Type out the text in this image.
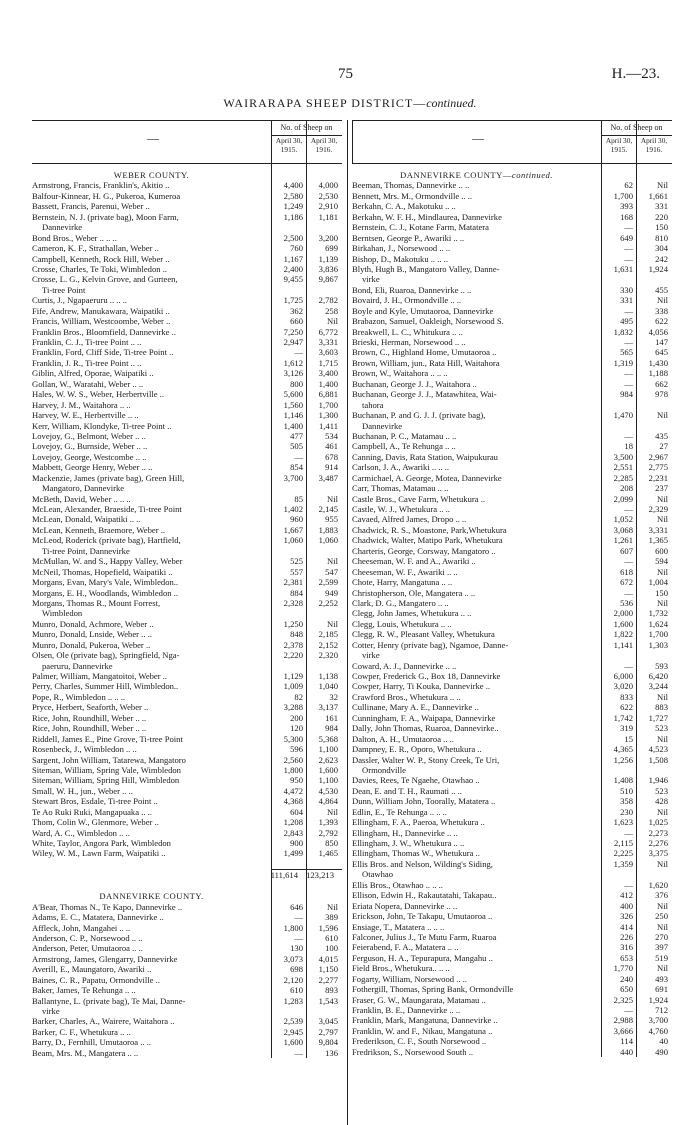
75	H.—23.
WAIRARAPA SHEEP DISTRICT—continued.
—
No. of Sheep on
April 30, 1915.
April 30, 1916.
WEBER COUNTY.
Armstrong, Francis, Franklin's, Akitio ..	4,400	4,000
Balfour-Kinnear, H. G., Pukeroa, Kumeroa	2,580	2,530
Bassett, Francis, Parenui, Weber ..	1,249	2,910
Bernstein, N. J. (private bag), Moon Farm,	1,186	1,181
Dannevirke
Bond Bros., Weber .. .. ..	2,500	3,200
Cameron, K. F., Strathallan, Weber ..	760	699
Campbell, Kenneth, Rock Hill, Weber ..	1,167	1,139
Crosse, Charles, Te Toki, Wimbledon ..	2,400	3,836
Crosse, L. G., Kelvin Grove, and Gurteen,	9,455	9,867
Ti-tree Point
Curtis, J., Ngapaeruru .. .. ..	1,725	2,782
Fife, Andrew, Manukawara, Waipatiki ..	362	258
Francis, William, Westcoombe, Weber ..	660	Nil
Franklin Bros., Bloomfield, Dannevirke ..	7,250	6,772
Franklin, C. J., Ti-tree Point .. ..	2,947	3,331
Franklin, Ford, Cliff Side, Ti-tree Point ..	—	3,603
Franklin, J. R., Ti-tree Point .. ..	1,612	1,715
Giblin, Alfred, Oporae, Waipatiki ..	3,126	3,400
Gollan, W., Waratahi, Weber .. ..	800	1,400
Hales, W. W. S., Weber, Herbertville ..	5,600	6,881
Harvey, J. M., Waitahora .. ..	1,560	1,700
Harvey, W. E., Herbertville .. ..	1,146	1,300
Kerr, William, Klondyke, Ti-tree Point ..	1,400	1,411
Lovejoy, G., Belmont, Weber .. ..	477	534
Lovejoy, G., Burnside, Weber .. ..	505	461
Lovejoy, George, Westcombe .. ..	—	678
Mabbett, George Henry, Weber .. ..	854	914
Mackenzie, James (private bag), Green Hill,	3,700	3,487
Mangatoro, Dannevirke
McBeth, David, Weber .. .. ..	85	Nil
McLean, Alexander, Braeside, Ti-tree Point	1,402	2,145
McLean, Donald, Waipatiki .. ..	960	955
McLean, Kenneth, Braemore, Weber ..	1,667	1,883
McLeod, Roderick (private bag), Hartfield,	1,060	1,060
Ti-tree Point, Dannevirke
McMullan, W. and S., Happy Valley, Weber	525	Nil
McNeil, Thomas, Hopefield, Waipatiki ..	557	547
Morgans, Evan, Mary's Vale, Wimbledon..	2,381	2,599
Morgans, E. H., Woodlands, Wimbledon ..	884	949
Morgans, Thomas R., Mount Forrest,	2,328	2,252
Wimbledon
Munro, Donald, Achmore, Weber ..	1,250	Nil
Munro, Donald, Lnside, Weber .. ..	848	2,185
Munro, Donald, Pukeroa, Weber ..	2,378	2,152
Olsen, Ole (private bag), Springfield, Nga-	2,220	2,320
paeruru, Dannevirke
Palmer, William, Mangatoitoi, Weber ..	1,129	1,138
Perry, Charles, Summer Hill, Wimbledon..	1,009	1,040
Pope, R., Wimbledon .. .. ..	82	32
Pryce, Herbert, Seaforth, Weber ..	3,288	3,137
Rice, John, Roundhill, Weber .. ..	200	161
Rice, John, Roundhill, Weber .. ..	120	984
Riddell, James E., Pine Grove, Ti-tree Point	5,300	5,368
Rosenbeck, J., Wimbledon .. ..	596	1,100
Sargent, John William, Tatarewa, Mangatoro	2,560	2,623
Siteman, William, Spring Vale, Wimbledon	1,800	1,600
Siteman, William, Spring Hill, Wimbledon	950	1,100
Small, W. H., jun., Weber .. ..	4,472	4,530
Stewart Bros, Esdale, Ti-tree Point ..	4,368	4,864
Te Ao Ruki Ruki, Mangapuaka .. ..	604	Nil
Thom, Colin W., Glenmore, Weber ..	1,208	1,393
Ward, A. C., Wimbledon .. ..	2,843	2,792
White, Taylor, Angora Park, Wimbledon	900	850
Wiley, W. M., Lawn Farm, Waipatiki ..	1,499	1,465
111,614 123,213
DANNEVIRKE COUNTY.
A'Bear, Thomas N., Te Kapo, Dannevirke ..	646	Nil
Adams, E. C., Matatera, Dannevirke ..	—	389
Affleck, John, Mangahei .. ..	1,800	1,596
Anderson, C. P., Norsewood .. ..	—	610
Anderson, Peter, Umutaoroa .. ..	130	100
Armstrong, James, Glengarry, Dannevirke	3,073	4,015
Averill, E., Maungatoro, Awariki ..	698	1,150
Baines, C. R., Papatu, Ormondville ..	2,120	2,277
Baker, James, Te Rehunga .. ..	610	893
Ballantyne, L. (private bag), Te Mai, Danne-	1,283	1,543
virke
Barker, Charles, A., Wairere, Waitahora ..	2,539	3,045
Barker, C. F., Whetukura .. ..	2,945	2,797
Barry, D., Fernhill, Umutaoroa .. ..	1,600	9,804
Beam, Mrs. M., Mangatera .. ..	—	136
—
No. of Sheep on
April 30, 1915.
April 30, 1916.
DANNEVIRKE COUNTY—continued.
Beeman, Thomas, Dannevirke .. ..	62	Nil
Bennett, Mrs. M., Ormondville .. ..	1,700	1,661
Berkahn, C. A., Makotuku .. ..	393	331
Berkahn, W. F. H., Mindlaurea, Dannevirke	168	220
Bernstein, C. J., Kotane Farm, Matatera	—	150
Berntsen, George P., Awariki .. ..	649	810
Birkahan, J., Norsewood .. ..	—	304
Bishop, D., Makotuku .. .. ..	—	242
Blyth, Hugh B., Mangatoro Valley, Danne-	1,631	1,924
virke
Bond, Eli, Ruaroa, Dannevirke .. ..	330	455
Bovaird, J. H., Ormondville .. ..	331	Nil
Boyle and Kyle, Umutaoroa, Dannevirke	—	338
Brabazon, Samuel, Oakleigh, Norsewood S.	495	622
Breakwell, L. C., Whitukura .. ..	1,832	4,056
Brieski, Herman, Norsewood .. ..	—	147
Brown, C., Highland Home, Umutaoroa ..	565	645
Brown, William, jun., Rata Hill, Waitahora	1,319	1,430
Brown, W., Waitahora .. .. ..	—	1,188
Buchanan, George J. J., Waitahora ..	—	662
Buchanan, George J. J., Matawhitea, Wai-	984	978
tahora
Buchanan, P. and G. J. J. (private bag),	1,470	Nil
Dannevirke
Buchanan, P. C., Matamau .. ..	—	435
Campbell, A., Te Rehunga .. ..	18	27
Canning, Davis, Rata Station, Waipukurau	3,500	2,967
Carlson, J. A., Awariki .. .. ..	2,551	2,775
Carmichael, A. George, Motea, Dannevirke	2,285	2,231
Carr, Thomas, Matamau .. ..	208	237
Castle Bros., Cave Farm, Whetukura ..	2,099	Nil
Castle, W. J., Whetukura .. ..	—	2,329
Cavaed, Alfred James, Dropo .. ..	1,052	Nil
Chadwick, R. S., Moastone, Park,Whetukura	3,068	3,331
Chadwick, Walter, Matipo Park, Whetukura	1,261	1,365
Charteris, George, Corsway, Mangatoro ..	607	600
Cheeseman, W. F. and A., Awariki ..	—	594
Cheeseman, W. F., Awariki .. ..	618	Nil
Chote, Harry, Mangatuna .. ..	672	1,004
Christopherson, Ole, Mangatera .. ..	—	150
Clark, D. G., Mangatero .. ..	536	Nil
Clegg, John James, Whetukura .. ..	2,000	1,732
Clegg, Louis, Whetukura .. ..	1,600	1,624
Clegg, R. W., Pleasant Valley, Whetukura	1,822	1,700
Cotter, Henry (private bag), Ngamoe, Danne-	1,141	1,303
virke
Coward, A. J., Dannevirke .. ..	—	593
Cowper, Frederick G., Box 18, Dannevirke	6,000	6,420
Cowper, Harry, Ti Kouka, Dannevirke ..	3,020	3,244
Crawford Bros., Whetukura .. ..	833	Nil
Cullinane, Mary A. E., Dannevirke ..	622	883
Cunningham, F. A., Waipapa, Dannevirke	1,742	1,727
Dally, John Thomas, Ruaroa, Dannevirke..	319	523
Dalton, A. H., Umutaoroa .. ..	15	Nil
Dampney, E. R., Oporo, Whetukura ..	4,365	4,523
Dassler, Walter W. P., Stony Creek, Te Uri,	1,256	1,508
Ormondville
Davies, Rees, Te Ngaehe, Otawhao ..	1,408	1,946
Dean, E. and T. H., Raumati .. ..	510	523
Dunn, William John, Toorally, Matatera ..	358	428
Edlin, E., Te Rehunga .. .. ..	230	Nil
Ellingham, F. A., Paeroa, Whetukura ..	1,623	1,025
Ellingham, H., Dannevirke .. ..	—	2,273
Ellingham, J. W., Whetukura .. ..	2,115	2,276
Ellingham, Thomas W., Whetukura ..	2,225	3,375
Ellis Bros. and Nelson, Wilding's Siding,	1,359	Nil
Otawhao
Ellis Bros., Otawhao .. .. ..	—	1,620
Ellison, Edwin H., Rakautatahi, Takapau..	412	376
Eriata Nopera, Dannevirke .. ..	400	Nil
Erickson, John, Te Takapu, Umutaoroa ..	326	250
Ensiage, T., Matatera .. .. ..	414	Nil
Falconer, Julius J., Te Mutu Farm, Ruaroa	226	270
Feierabend, F. A., Matatera .. ..	316	397
Ferguson, H. A., Tepurapura, Mangahu ..	653	519
Field Bros., Whetukura.. .. ..	1,770	Nil
Fogarty, William, Norsewood .. ..	240	493
Fothergill, Thomas, Spring Bank, Ormondville	650	691
Fraser, G. W., Maungarata, Matamau ..	2,325	1,924
Franklin, B. E., Dannevirke .. ..	—	712
Franklin, Mark, Mangatuna, Dannevirke ..	2,988	3,700
Franklin, W. and F., Nikau, Mangatuna ..	3,666	4,760
Frederikson, C. F., South Norsewood ..	114	40
Fredrikson, S., Norsewood South ..	440	490
